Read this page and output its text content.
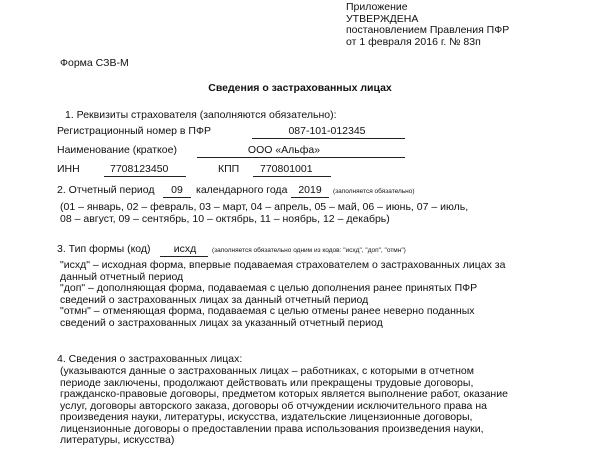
Приложение
УТВЕРЖДЕНА
постановлением Правления ПФР
от 1 февраля 2016 г. № 83п
Форма СЗВ-М
Сведения о застрахованных лицах
1. Реквизиты страхователя (заполняются обязательно):
Регистрационный номер в ПФР	087-101-012345
Наименование (краткое)	ООО «Альфа»
ИНН	7708123450	КПП 770801001
2. Отчетный период	09	календарного года	2019	(заполняется обязательно)
(01 – январь, 02 – февраль, 03 – март, 04 – апрель, 05 – май, 06 – июнь, 07 – июль,
08 – август, 09 – сентябрь, 10 – октябрь, 11 – ноябрь, 12 – декабрь)
3. Тип формы (код)	исхд	(заполняется обязательно одним из кодов: "исхд", "доп", "отмн")
"исхд" – исходная форма, впервые подаваемая страхователем о застрахованных лицах за
данный отчетный период
"доп" – дополняющая форма, подаваемая с целью дополнения ранее принятых ПФР
сведений о застрахованных лицах за данный отчетный период
"отмн" – отменяющая форма, подаваемая с целью отмены ранее неверно поданных
сведений о застрахованных лицах за указанный отчетный период
4. Сведения о застрахованных лицах:
(указываются данные о застрахованных лицах – работниках, с которыми в отчетном
периоде заключены, продолжают действовать или прекращены трудовые договоры,
гражданско-правовые договоры, предметом которых является выполнение работ, оказание
услуг, договоры авторского заказа, договоры об отчуждении исключительного права на
произведения науки, литературы, искусства, издательские лицензионные договоры,
лицензионные договоры о предоставлении права использования произведения науки,
литературы, искусства)
